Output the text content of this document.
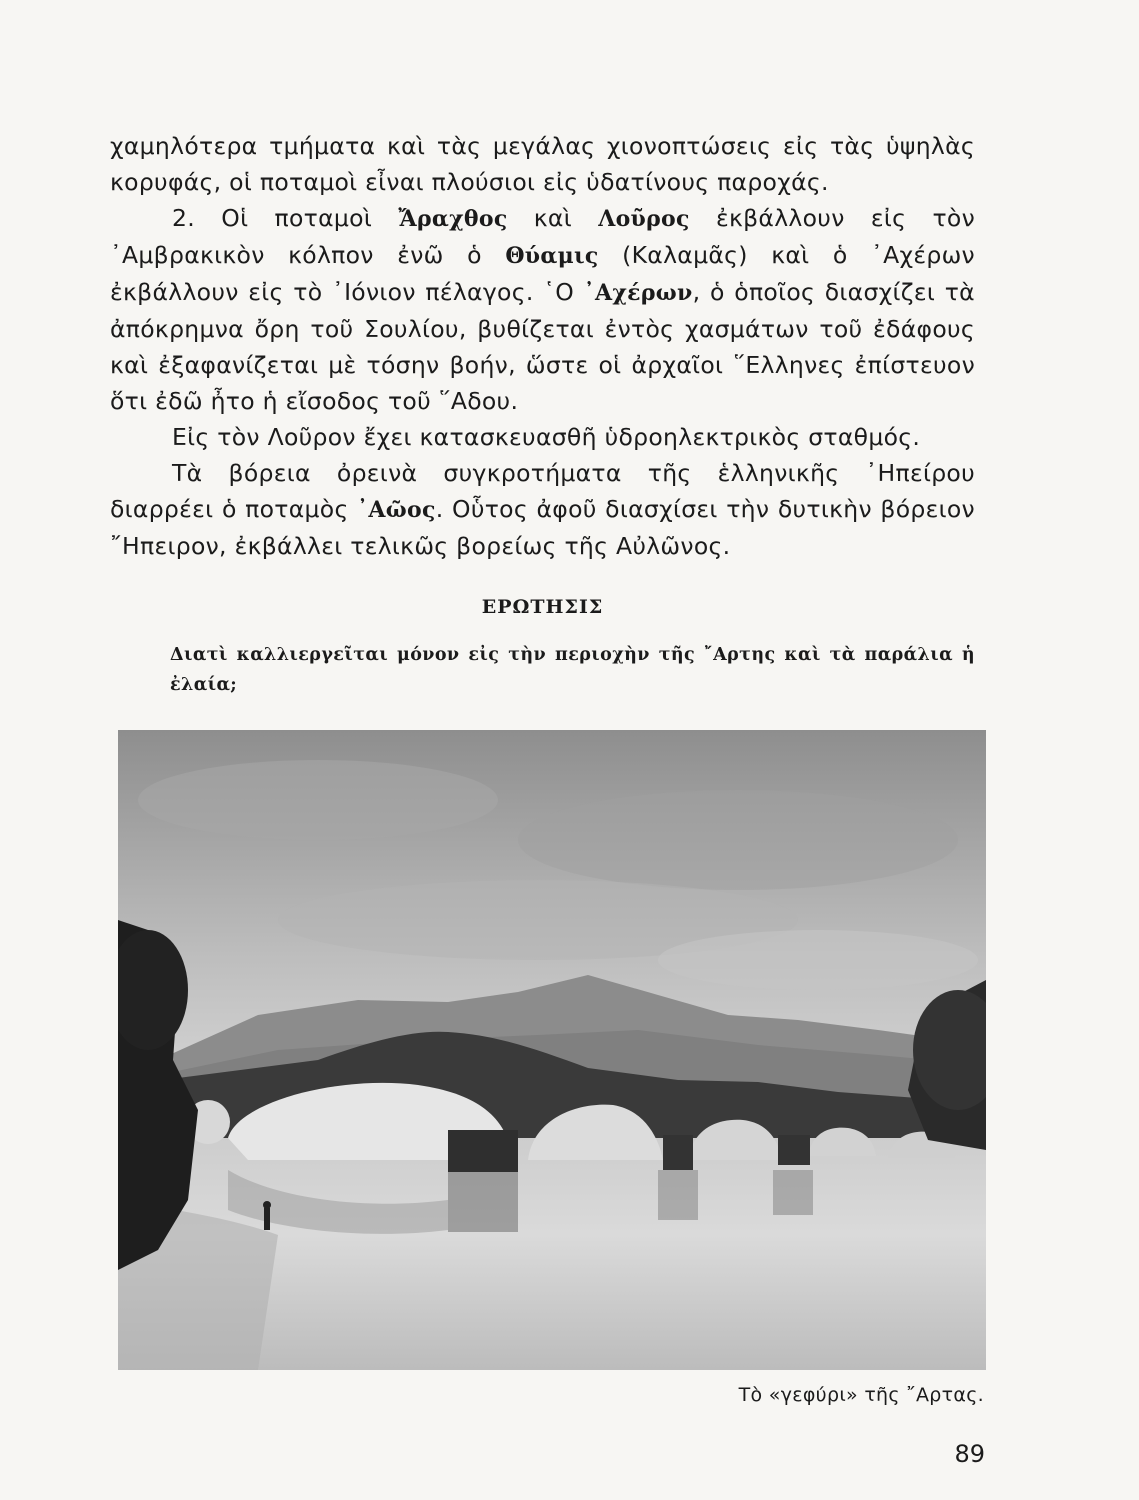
χαμηλότερα τμήματα καὶ τὰς μεγάλας χιονοπτώσεις εἰς τὰς ὑψηλὰς κορυφάς, οἱ ποταμοὶ εἶναι πλούσιοι εἰς ὑδατίνους παροχάς.

2. Οἱ ποταμοὶ Ἄραχθος καὶ Λοῦρος ἐκβάλλουν εἰς τὸν ᾿Αμβρακικὸν κόλπον ἐνῶ ὁ Θύαμις (Καλαμᾶς) καὶ ὁ ᾿Αχέρων ἐκβάλλουν εἰς τὸ ᾿Ιόνιον πέλαγος. ῾Ο ᾿Αχέρων, ὁ ὁποῖος διασχίζει τὰ ἀπόκρημνα ὄρη τοῦ Σουλίου, βυθίζεται ἐντὸς χασμάτων τοῦ ἐδάφους καὶ ἐξαφανίζεται μὲ τόσην βοήν, ὥστε οἱ ἀρχαῖοι ῞Ελληνες ἐπίστευον ὅτι ἐδῶ ἦτο ἡ εἴσοδος τοῦ ῞Αδου.

Εἰς τὸν Λοῦρον ἔχει κατασκευασθῆ ὑδροηλεκτρικὸς σταθμός.

Τὰ βόρεια ὀρεινὰ συγκροτήματα τῆς ἑλληνικῆς ᾿Ηπείρου διαρρέει ὁ ποταμὸς ᾿Αῶος. Οὗτος ἀφοῦ διασχίσει τὴν δυτικὴν βόρειον ῎Ηπειρον, ἐκβάλλει τελικῶς βορείως τῆς Αὐλῶνος.

ΕΡΩΤΗΣΙΣ
Διατὶ καλλιεργεῖται μόνον εἰς τὴν περιοχὴν τῆς ῎Αρτης καὶ τὰ παράλια ἡ ἐλαία;
Τὸ «γεφύρι» τῆς ῎Αρτας.
89
